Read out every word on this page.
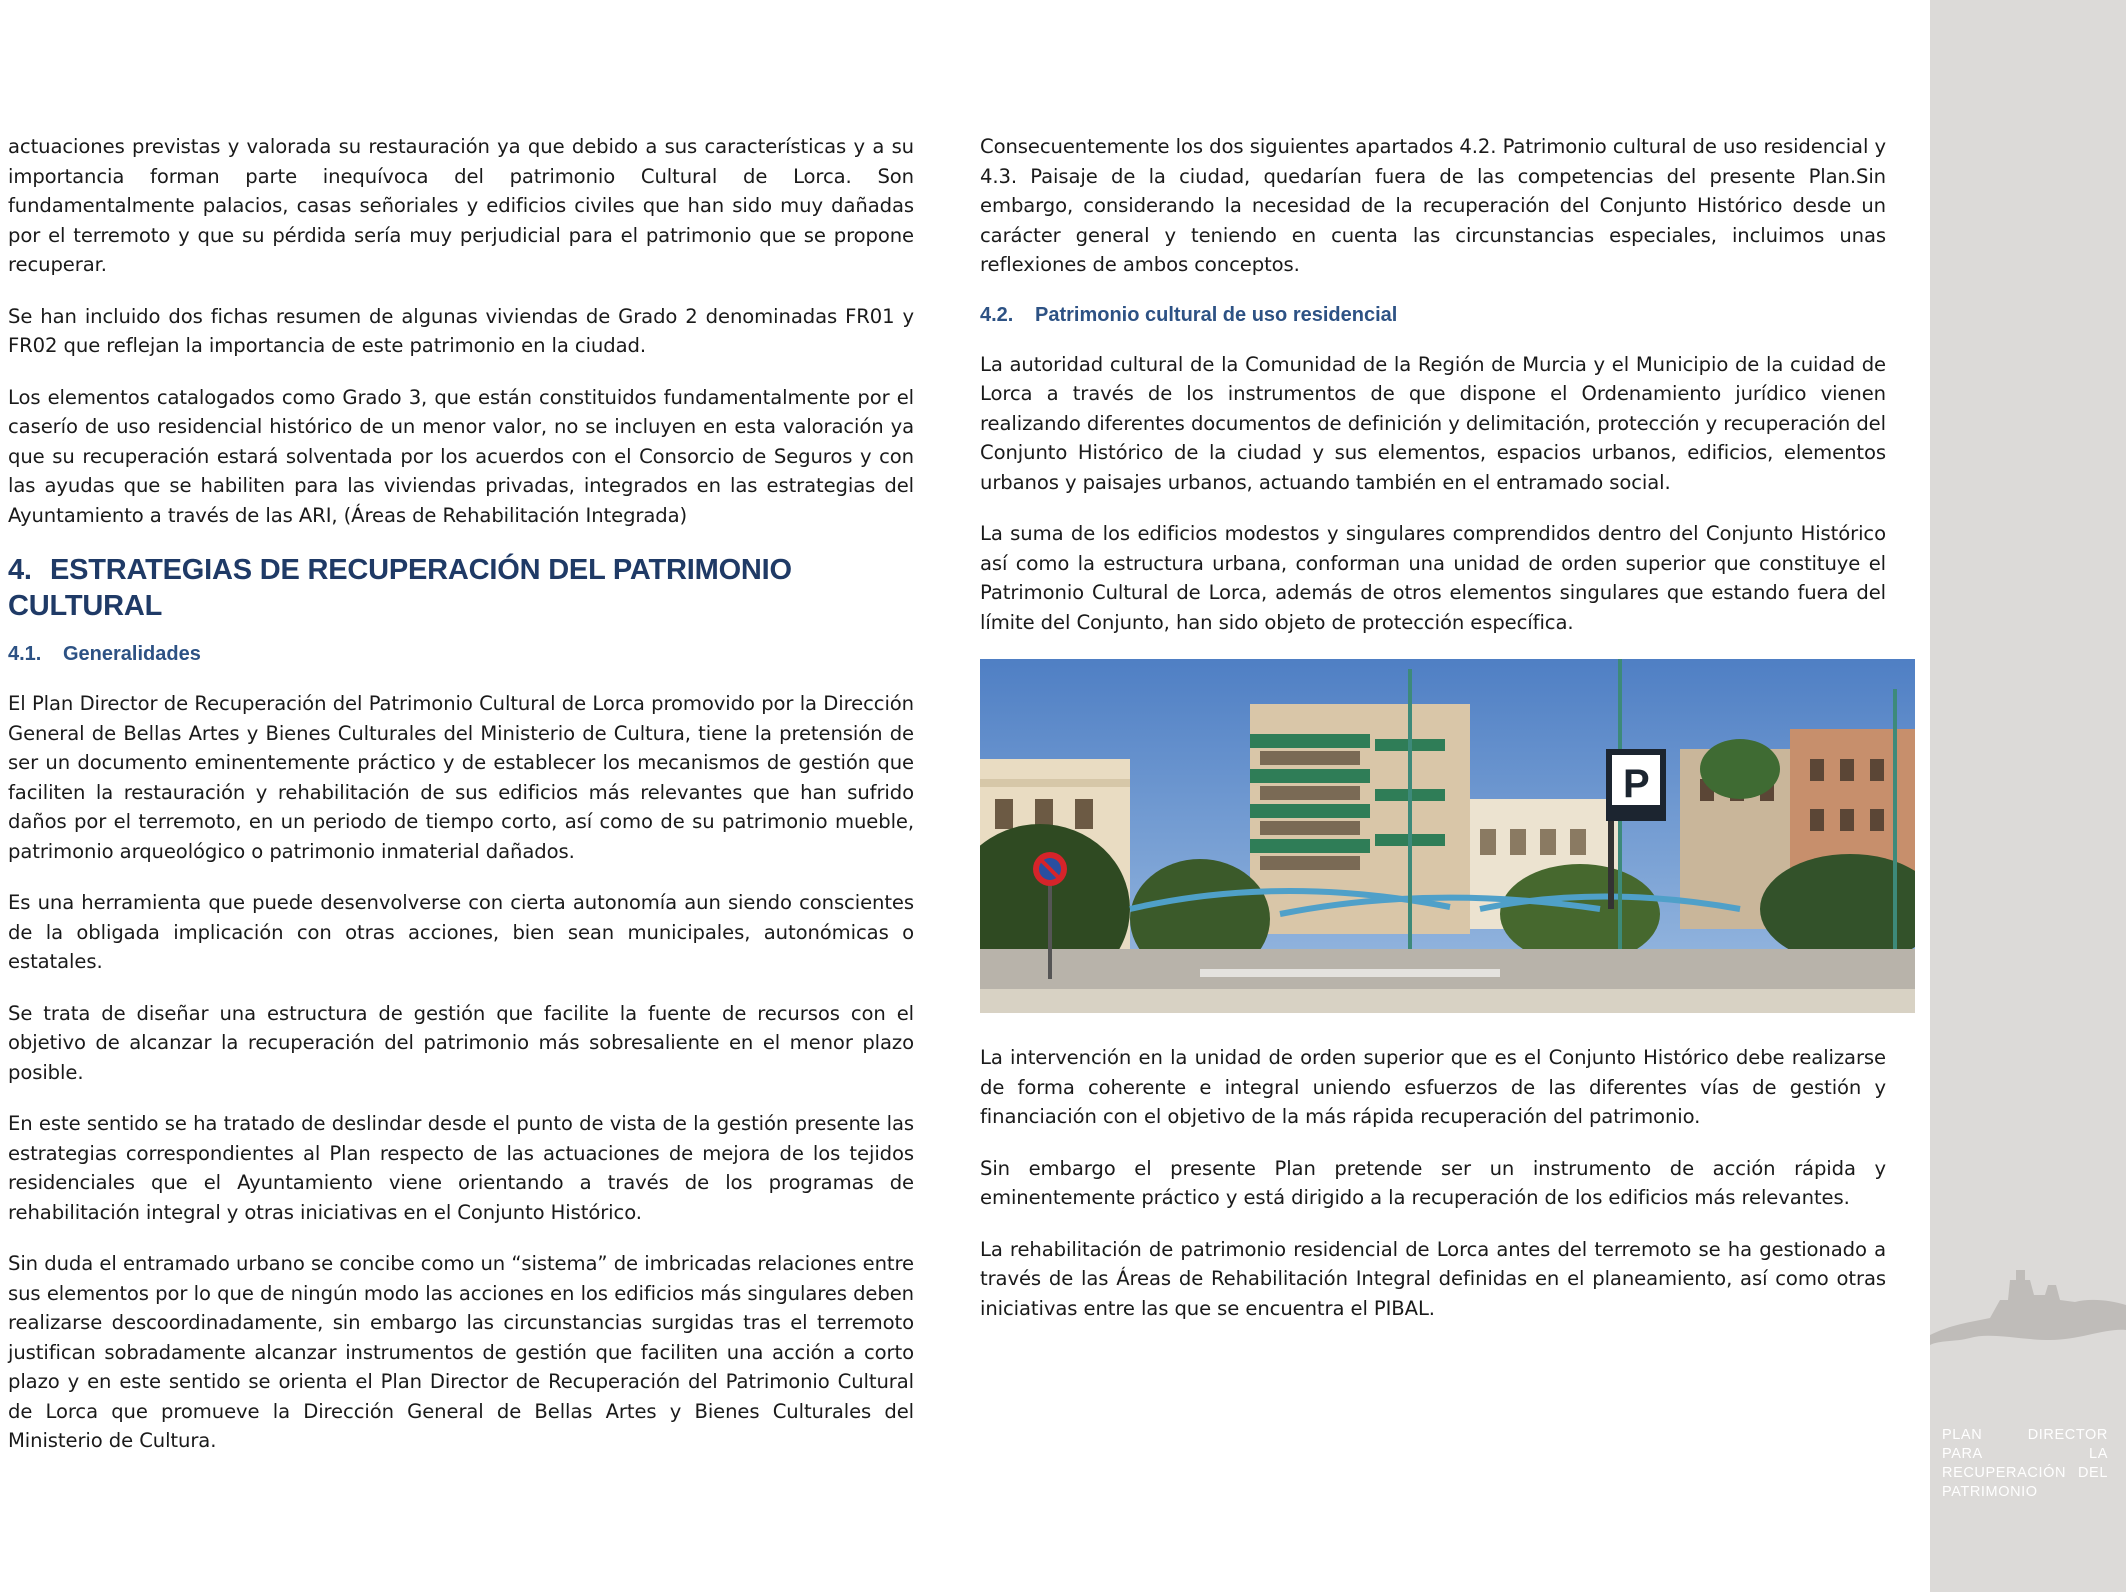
actuaciones previstas y valorada su restauración ya que debido a sus características y a su importancia forman parte inequívoca del patrimonio Cultural de Lorca. Son fundamentalmente palacios, casas señoriales y edificios civiles que han sido muy dañadas por el terremoto y que su pérdida sería muy perjudicial para el patrimonio que se propone recuperar.

Se han incluido dos fichas resumen de algunas viviendas de Grado 2 denominadas FR01 y FR02 que reflejan la importancia de este patrimonio en la ciudad.

Los elementos catalogados como Grado 3, que están constituidos fundamentalmente por el caserío de uso residencial histórico de un menor valor, no se incluyen en esta valoración ya que su recuperación estará solventada por los acuerdos con el Consorcio de Seguros y con las ayudas que se habiliten para las viviendas privadas, integrados en las estrategias del Ayuntamiento a través de las ARI, (Áreas de Rehabilitación Integrada)

4. ESTRATEGIAS DE RECUPERACIÓN DEL PATRIMONIO CULTURAL
4.1. Generalidades

El Plan Director de Recuperación del Patrimonio Cultural de Lorca promovido por la Dirección General de Bellas Artes y Bienes Culturales del Ministerio de Cultura, tiene la pretensión de ser un documento eminentemente práctico y de establecer los mecanismos de gestión que faciliten la restauración y rehabilitación de sus edificios más relevantes que han sufrido daños por el terremoto, en un periodo de tiempo corto, así como de su patrimonio mueble, patrimonio arqueológico o patrimonio inmaterial dañados.

Es una herramienta que puede desenvolverse con cierta autonomía aun siendo conscientes de la obligada implicación con otras acciones, bien sean municipales, autonómicas o estatales.

Se trata de diseñar una estructura de gestión que facilite la fuente de recursos con el objetivo de alcanzar la recuperación del patrimonio más sobresaliente en el menor plazo posible.

En este sentido se ha tratado de deslindar desde el punto de vista de la gestión presente las estrategias correspondientes al Plan respecto de las actuaciones de mejora de los tejidos residenciales que el Ayuntamiento viene orientando a través de los programas de rehabilitación integral y otras iniciativas en el Conjunto Histórico.

Sin duda el entramado urbano se concibe como un “sistema” de imbricadas relaciones entre sus elementos por lo que de ningún modo las acciones en los edificios más singulares deben realizarse descoordinadamente, sin embargo las circunstancias surgidas tras el terremoto justifican sobradamente alcanzar instrumentos de gestión que faciliten una acción a corto plazo y en este sentido se orienta el Plan Director de Recuperación del Patrimonio Cultural de Lorca que promueve la Dirección General de Bellas Artes y Bienes Culturales del Ministerio de Cultura.

Consecuentemente los dos siguientes apartados 4.2. Patrimonio cultural de uso residencial y 4.3. Paisaje de la ciudad, quedarían fuera de las competencias del presente Plan.Sin embargo, considerando la necesidad de la recuperación del Conjunto Histórico desde un carácter general y teniendo en cuenta las circunstancias especiales, incluimos unas reflexiones de ambos conceptos.

4.2. Patrimonio cultural de uso residencial

La autoridad cultural de la Comunidad de la Región de Murcia y el Municipio de la cuidad de Lorca a través de los instrumentos de que dispone el Ordenamiento jurídico vienen realizando diferentes documentos de definición y delimitación, protección y recuperación del Conjunto Histórico de la ciudad y sus elementos, espacios urbanos, edificios, elementos urbanos y paisajes urbanos, actuando también en el entramado social.

La suma de los edificios modestos y singulares comprendidos dentro del Conjunto Histórico así como la estructura urbana, conforman una unidad de orden superior que constituye el Patrimonio Cultural de Lorca, además de otros elementos singulares que estando fuera del límite del Conjunto, han sido objeto de protección específica.

P

La intervención en la unidad de orden superior que es el Conjunto Histórico debe realizarse de forma coherente e integral uniendo esfuerzos de las diferentes vías de gestión y financiación con el objetivo de la más rápida recuperación del patrimonio.

Sin embargo el presente Plan pretende ser un instrumento de acción rápida y eminentemente práctico y está dirigido a la recuperación de los edificios más relevantes.

La rehabilitación de patrimonio residencial de Lorca antes del terremoto se ha gestionado a través de las Áreas de Rehabilitación Integral definidas en el planeamiento, así como otras iniciativas entre las que se encuentra el PIBAL.

PLAN DIRECTOR
PARA LA
RECUPERACIÓN DEL
PATRIMONIO
